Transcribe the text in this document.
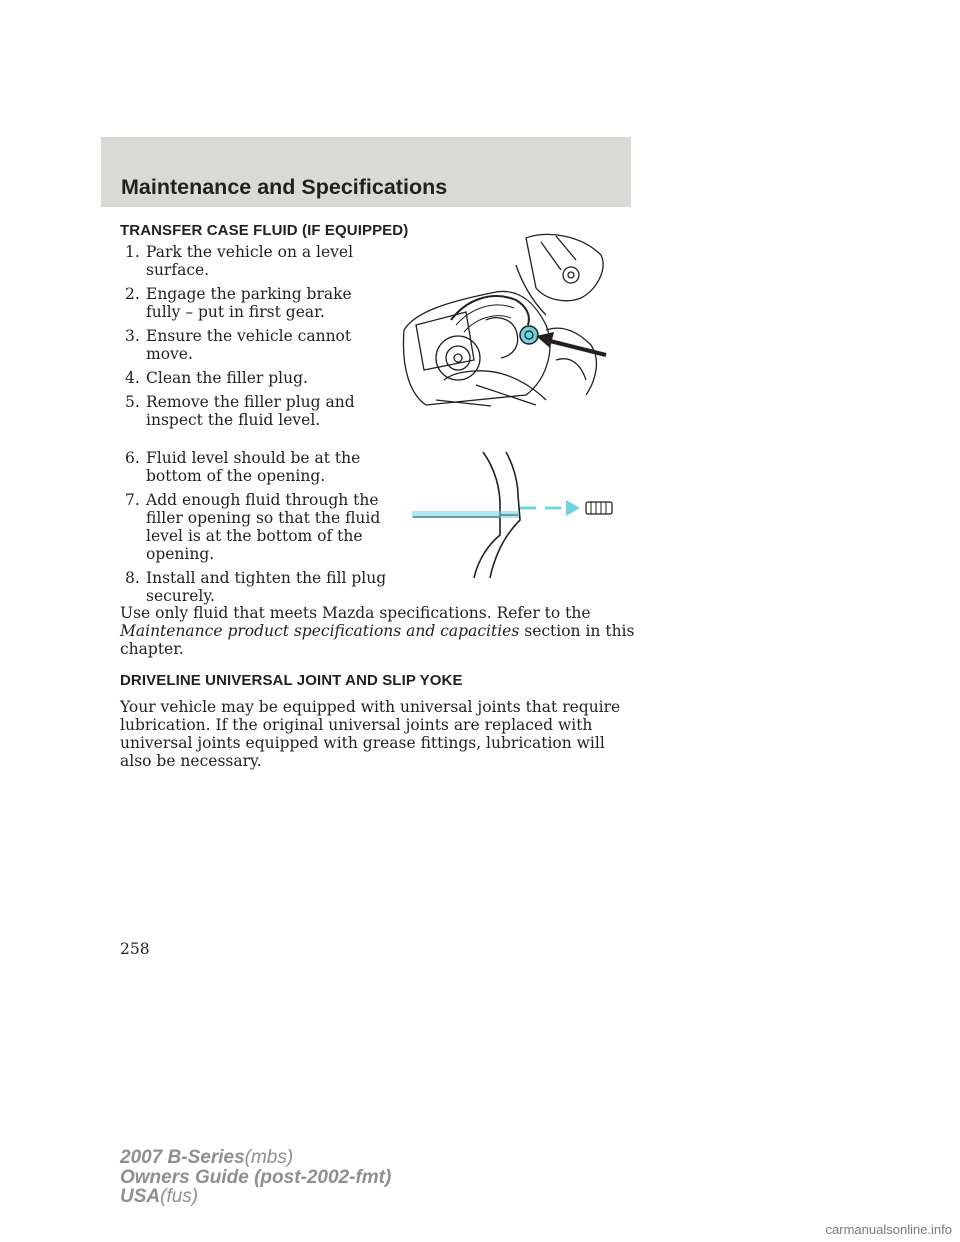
Maintenance and Specifications
TRANSFER CASE FLUID (IF EQUIPPED)
1. Park the vehicle on a level surface.
2. Engage the parking brake fully – put in first gear.
3. Ensure the vehicle cannot move.
4. Clean the filler plug.
5. Remove the filler plug and inspect the fluid level.
6. Fluid level should be at the bottom of the opening.
7. Add enough fluid through the filler opening so that the fluid level is at the bottom of the opening.
8. Install and tighten the fill plug securely.
Use only fluid that meets Mazda specifications. Refer to the Maintenance product specifications and capacities section in this chapter.
DRIVELINE UNIVERSAL JOINT AND SLIP YOKE
Your vehicle may be equipped with universal joints that require lubrication. If the original universal joints are replaced with universal joints equipped with grease fittings, lubrication will also be necessary.
258
2007 B-Series(mbs)
Owners Guide (post-2002-fmt)
USA(fus)
carmanualsonline.info
